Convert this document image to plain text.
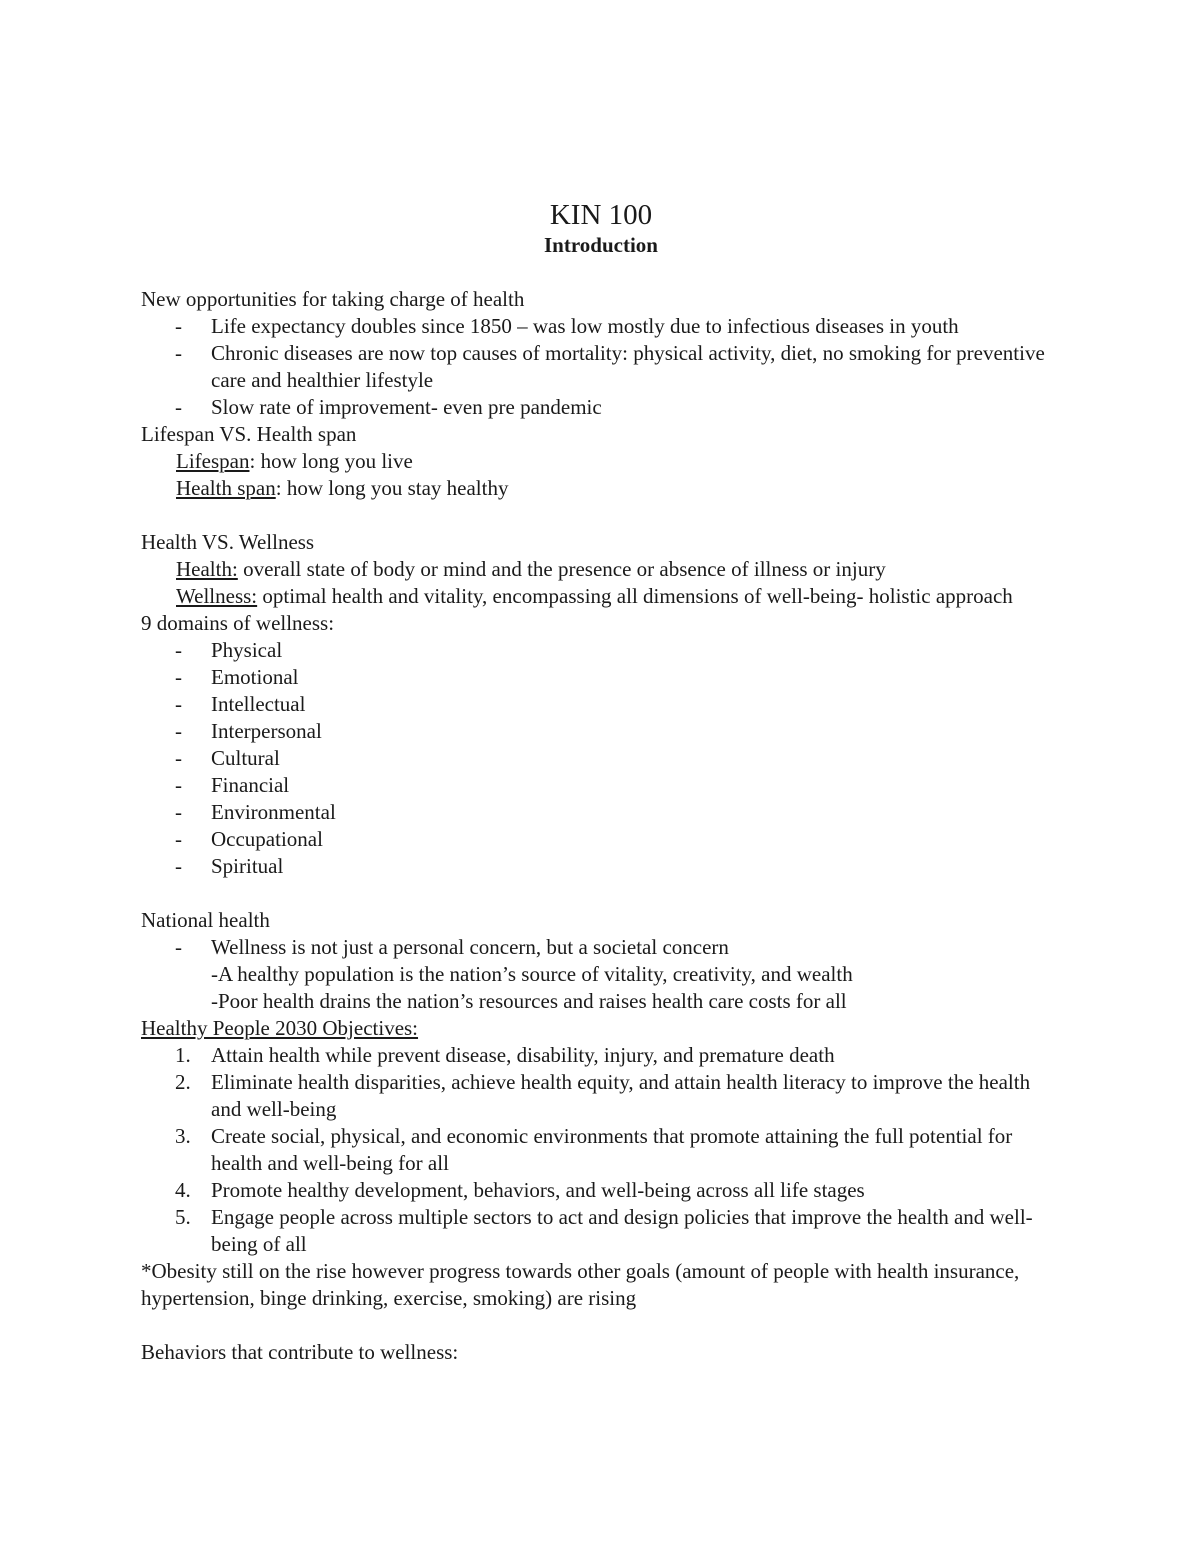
KIN 100

Introduction

New opportunities for taking charge of health

- Life expectancy doubles since 1850 – was low mostly due to infectious diseases in youth
- Chronic diseases are now top causes of mortality: physical activity, diet, no smoking for preventive care and healthier lifestyle
- Slow rate of improvement- even pre pandemic

Lifespan VS. Health span

Lifespan: how long you live

Health span: how long you stay healthy

Health VS. Wellness

Health: overall state of body or mind and the presence or absence of illness or injury

Wellness: optimal health and vitality, encompassing all dimensions of well-being- holistic approach

9 domains of wellness:

- Physical
- Emotional
- Intellectual
- Interpersonal
- Cultural
- Financial
- Environmental
- Occupational
- Spiritual

National health

- Wellness is not just a personal concern, but a societal concern

-A healthy population is the nation’s source of vitality, creativity, and wealth

-Poor health drains the nation’s resources and raises health care costs for all

Healthy People 2030 Objectives:

1. Attain health while prevent disease, disability, injury, and premature death
2. Eliminate health disparities, achieve health equity, and attain health literacy to improve the health and well-being
3. Create social, physical, and economic environments that promote attaining the full potential for health and well-being for all
4. Promote healthy development, behaviors, and well-being across all life stages
5. Engage people across multiple sectors to act and design policies that improve the health and well-being of all

*Obesity still on the rise however progress towards other goals (amount of people with health insurance, hypertension, binge drinking, exercise, smoking) are rising

Behaviors that contribute to wellness:
